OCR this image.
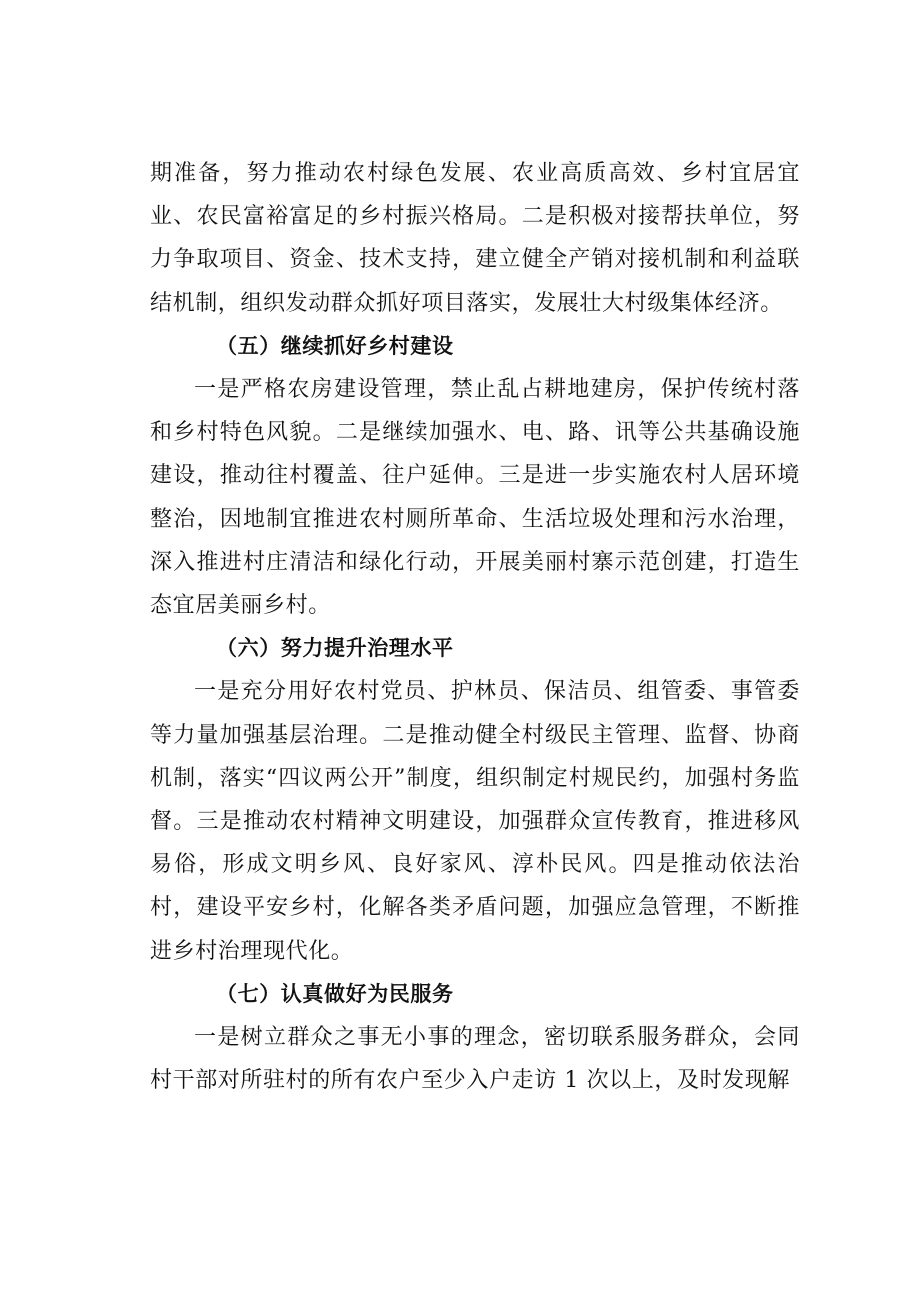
期准备，努力推动农村绿色发展、农业高质高效、乡村宜居宜业、农民富裕富足的乡村振兴格局。二是积极对接帮扶单位，努力争取项目、资金、技术支持，建立健全产销对接机制和利益联结机制，组织发动群众抓好项目落实，发展壮大村级集体经济。

（五）继续抓好乡村建设

一是严格农房建设管理，禁止乱占耕地建房，保护传统村落和乡村特色风貌。二是继续加强水、电、路、讯等公共基确设施建设，推动往村覆盖、往户延伸。三是进一步实施农村人居环境整治，因地制宜推进农村厕所革命、生活垃圾处理和污水治理，深入推进村庄清洁和绿化行动，开展美丽村寨示范创建，打造生态宜居美丽乡村。

（六）努力提升治理水平

一是充分用好农村党员、护林员、保洁员、组管委、事管委等力量加强基层治理。二是推动健全村级民主管理、监督、协商机制，落实“四议两公开”制度，组织制定村规民约，加强村务监督。三是推动农村精神文明建设，加强群众宣传教育，推进移风易俗，形成文明乡风、良好家风、淳朴民风。四是推动依法治村，建设平安乡村，化解各类矛盾问题，加强应急管理，不断推进乡村治理现代化。

（七）认真做好为民服务

一是树立群众之事无小事的理念，密切联系服务群众，会同村干部对所驻村的所有农户至少入户走访 1 次以上，及时发现解
